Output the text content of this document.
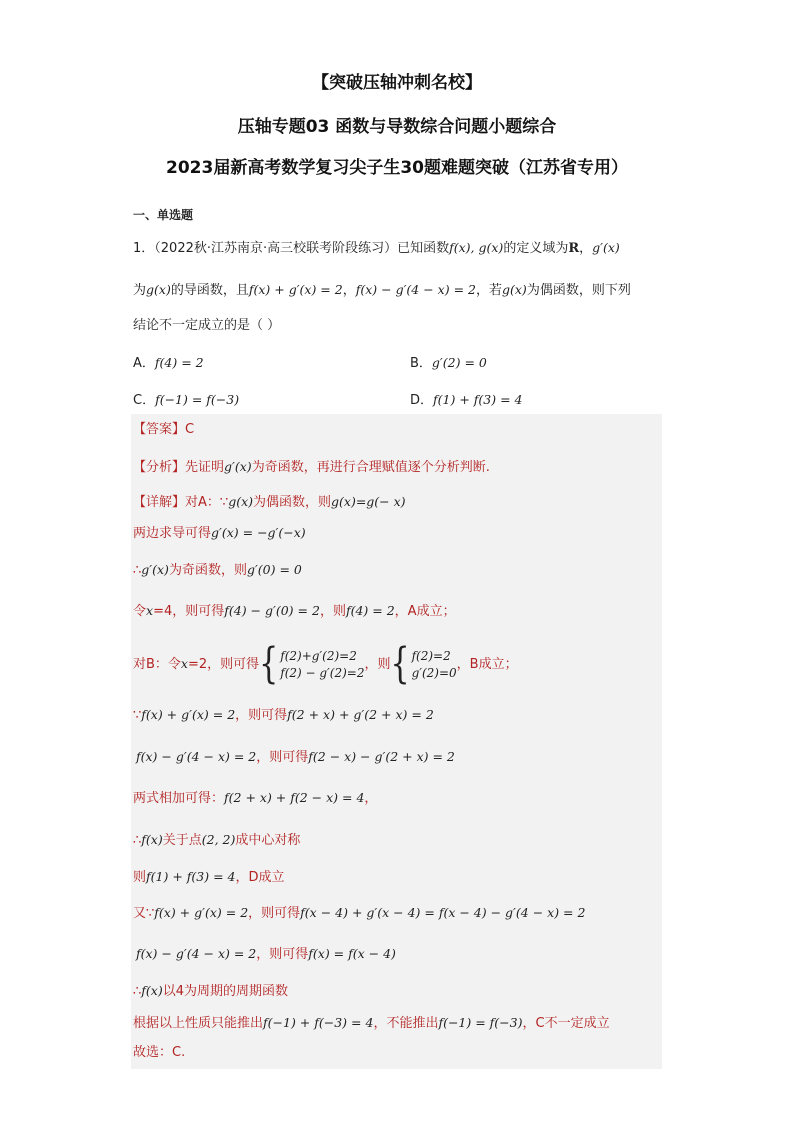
【突破压轴冲刺名校】
压轴专题03 函数与导数综合问题小题综合
2023届新高考数学复习尖子生30题难题突破（江苏省专用）
一、单选题
1．（2022秋·江苏南京·高三校联考阶段练习）已知函数f(x), g(x)的定义域为R，g′(x)
为g(x)的导函数，且f(x) + g′(x) = 2，f(x) − g′(4 − x) = 2，若g(x)为偶函数，则下列
结论不一定成立的是（ ）
A．f(4) = 2	B．g′(2) = 0
C．f(−1) = f(−3)	D．f(1) + f(3) = 4
【答案】C
【分析】先证明g′(x)为奇函数，再进行合理赋值逐个分析判断.
【详解】对A：∵g(x)为偶函数，则g(x)=g(− x)
两边求导可得g′(x) = −g′(−x)
∴g′(x)为奇函数，则g′(0) = 0
令x=4，则可得f(4) − g′(0) = 2，则f(4) = 2，A成立；
对B：令x=2，则可得{ f(2)+g′(2)=2
f(2) − g′(2)=2，则{ f(2)=2
g′(2)=0，B成立；
∵f(x) + g′(x) = 2，则可得f(2 + x) + g′(2 + x) = 2
f(x) − g′(4 − x) = 2，则可得f(2 − x) − g′(2 + x) = 2
两式相加可得：f(2 + x) + f(2 − x) = 4，
∴f(x)关于点(2, 2)成中心对称
则f(1) + f(3) = 4，D成立
又∵f(x) + g′(x) = 2，则可得f(x − 4) + g′(x − 4) = f(x − 4) − g′(4 − x) = 2
f(x) − g′(4 − x) = 2，则可得f(x) = f(x − 4)
∴f(x)以4为周期的周期函数
根据以上性质只能推出f(−1) + f(−3) = 4，不能推出f(−1) = f(−3)，C不一定成立
故选：C.
